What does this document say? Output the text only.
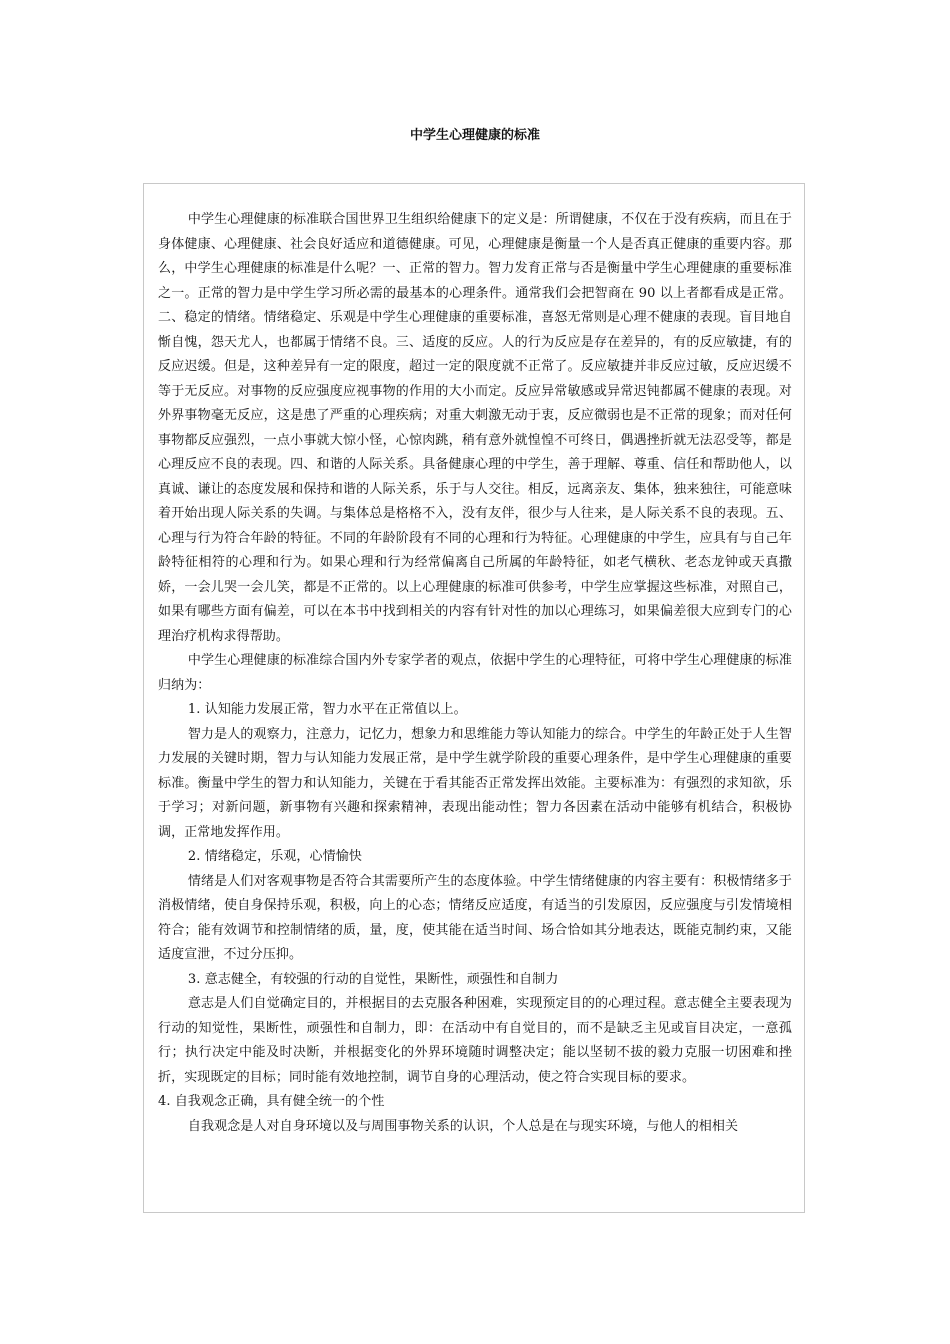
中学生心理健康的标准

中学生心理健康的标准联合国世界卫生组织给健康下的定义是：所谓健康，不仅在于没有疾病，而且在于身体健康、心理健康、社会良好适应和道德健康。可见，心理健康是衡量一个人是否真正健康的重要内容。那么，中学生心理健康的标准是什么呢？一、正常的智力。智力发育正常与否是衡量中学生心理健康的重要标准之一。正常的智力是中学生学习所必需的最基本的心理条件。通常我们会把智商在 90 以上者都看成是正常。二、稳定的情绪。情绪稳定、乐观是中学生心理健康的重要标准，喜怒无常则是心理不健康的表现。盲目地自惭自愧，怨天尤人，也都属于情绪不良。三、适度的反应。人的行为反应是存在差异的，有的反应敏捷，有的反应迟缓。但是，这种差异有一定的限度，超过一定的限度就不正常了。反应敏捷并非反应过敏，反应迟缓不等于无反应。对事物的反应强度应视事物的作用的大小而定。反应异常敏感或异常迟钝都属不健康的表现。对外界事物毫无反应，这是患了严重的心理疾病；对重大刺激无动于衷，反应微弱也是不正常的现象；而对任何事物都反应强烈，一点小事就大惊小怪，心惊肉跳，稍有意外就惶惶不可终日，偶遇挫折就无法忍受等，都是心理反应不良的表现。四、和谐的人际关系。具备健康心理的中学生，善于理解、尊重、信任和帮助他人，以真诚、谦让的态度发展和保持和谐的人际关系，乐于与人交往。相反，远离亲友、集体，独来独往，可能意味着开始出现人际关系的失调。与集体总是格格不入，没有友伴，很少与人往来，是人际关系不良的表现。五、心理与行为符合年龄的特征。不同的年龄阶段有不同的心理和行为特征。心理健康的中学生，应具有与自己年龄特征相符的心理和行为。如果心理和行为经常偏离自己所属的年龄特征，如老气横秋、老态龙钟或天真撒娇，一会儿哭一会儿笑，都是不正常的。以上心理健康的标准可供参考，中学生应掌握这些标准，对照自己，如果有哪些方面有偏差，可以在本书中找到相关的内容有针对性的加以心理练习，如果偏差很大应到专门的心理治疗机构求得帮助。

中学生心理健康的标准综合国内外专家学者的观点，依据中学生的心理特征，可将中学生心理健康的标准归纳为：

1. 认知能力发展正常，智力水平在正常值以上。

智力是人的观察力，注意力，记忆力，想象力和思维能力等认知能力的综合。中学生的年龄正处于人生智力发展的关键时期，智力与认知能力发展正常，是中学生就学阶段的重要心理条件，是中学生心理健康的重要标准。衡量中学生的智力和认知能力，关键在于看其能否正常发挥出效能。主要标准为：有强烈的求知欲，乐于学习；对新问题，新事物有兴趣和探索精神，表现出能动性；智力各因素在活动中能够有机结合，积极协调，正常地发挥作用。

2. 情绪稳定，乐观，心情愉快

情绪是人们对客观事物是否符合其需要所产生的态度体验。中学生情绪健康的内容主要有：积极情绪多于消极情绪，使自身保持乐观，积极，向上的心态；情绪反应适度，有适当的引发原因，反应强度与引发情境相符合；能有效调节和控制情绪的质，量，度，使其能在适当时间、场合恰如其分地表达，既能克制约束，又能适度宣泄，不过分压抑。

3. 意志健全，有较强的行动的自觉性，果断性，顽强性和自制力

意志是人们自觉确定目的，并根据目的去克服各种困难，实现预定目的的心理过程。意志健全主要表现为行动的知觉性，果断性，顽强性和自制力，即：在活动中有自觉目的，而不是缺乏主见或盲目决定，一意孤行；执行决定中能及时决断，并根据变化的外界环境随时调整决定；能以坚韧不拔的毅力克服一切困难和挫折，实现既定的目标；同时能有效地控制，调节自身的心理活动，使之符合实现目标的要求。

4. 自我观念正确，具有健全统一的个性

自我观念是人对自身环境以及与周围事物关系的认识，个人总是在与现实环境，与他人的相相关
